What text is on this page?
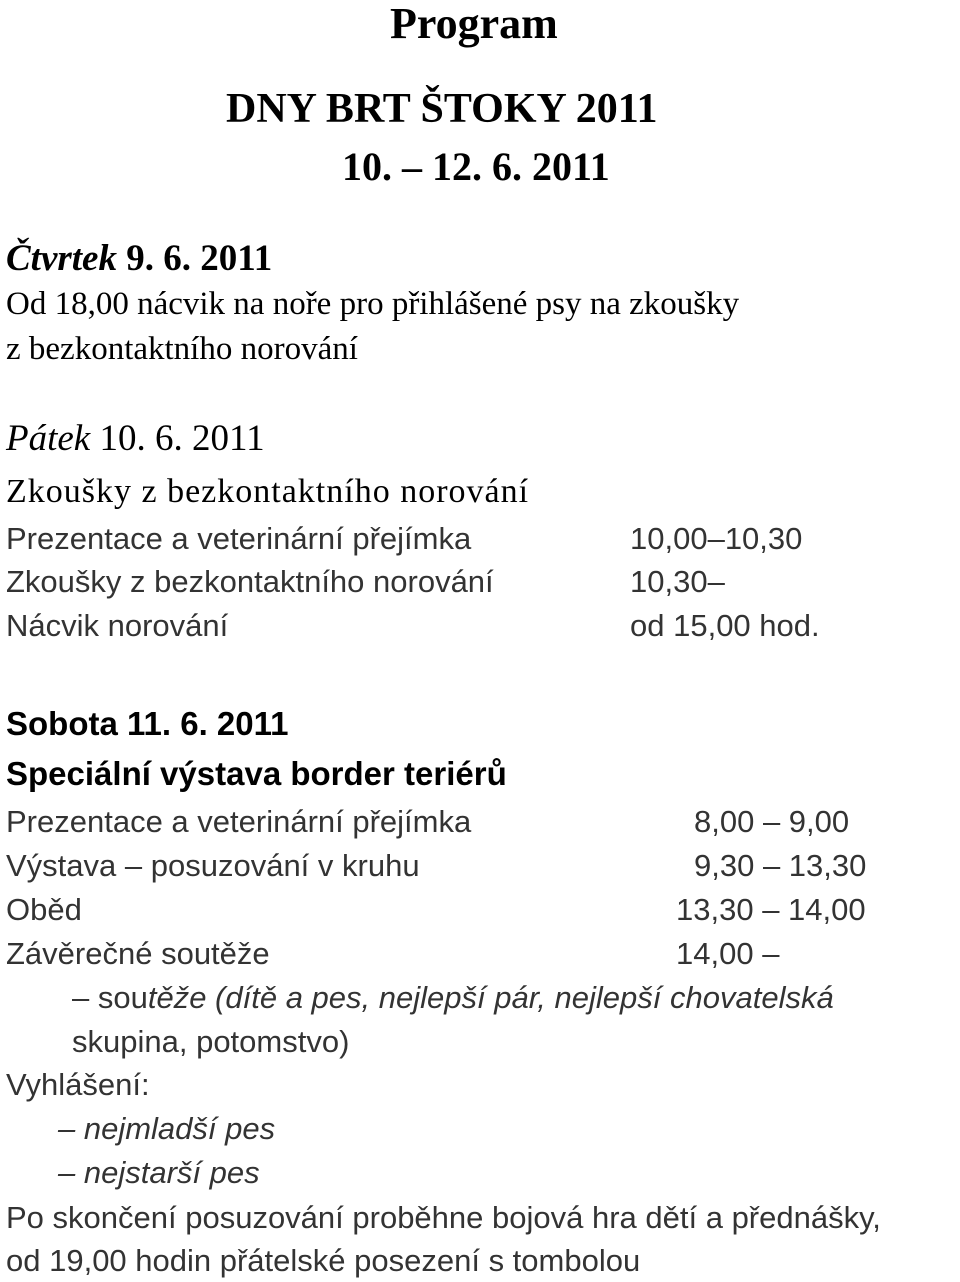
Program
DNY BRT ŠTOKY 2011
10. – 12. 6. 2011
Čtvrtek 9. 6. 2011
Od 18,00 nácvik na noře pro přihlášené psy na zkoušky
z bezkontaktního norování
Pátek 10. 6. 2011
Zkoušky z bezkontaktního norování
Prezentace a veterinární přejímka	10,00–10,30
Zkoušky z bezkontaktního norování	10,30–
Nácvik norování	od 15,00 hod.
Sobota 11. 6. 2011
Speciální výstava border teriérů
Prezentace a veterinární přejímka	8,00 – 9,00
Výstava – posuzování v kruhu	9,30 – 13,30
Oběd	13,30 – 14,00
Závěrečné soutěže	14,00 –
– soutěže (dítě a pes, nejlepší pár, nejlepší chovatelská
skupina, potomstvo)
Vyhlášení:
– nejmladší pes
– nejstarší pes
Po skončení posuzování proběhne bojová hra dětí a přednášky,
od 19,00 hodin přátelské posezení s tombolou
